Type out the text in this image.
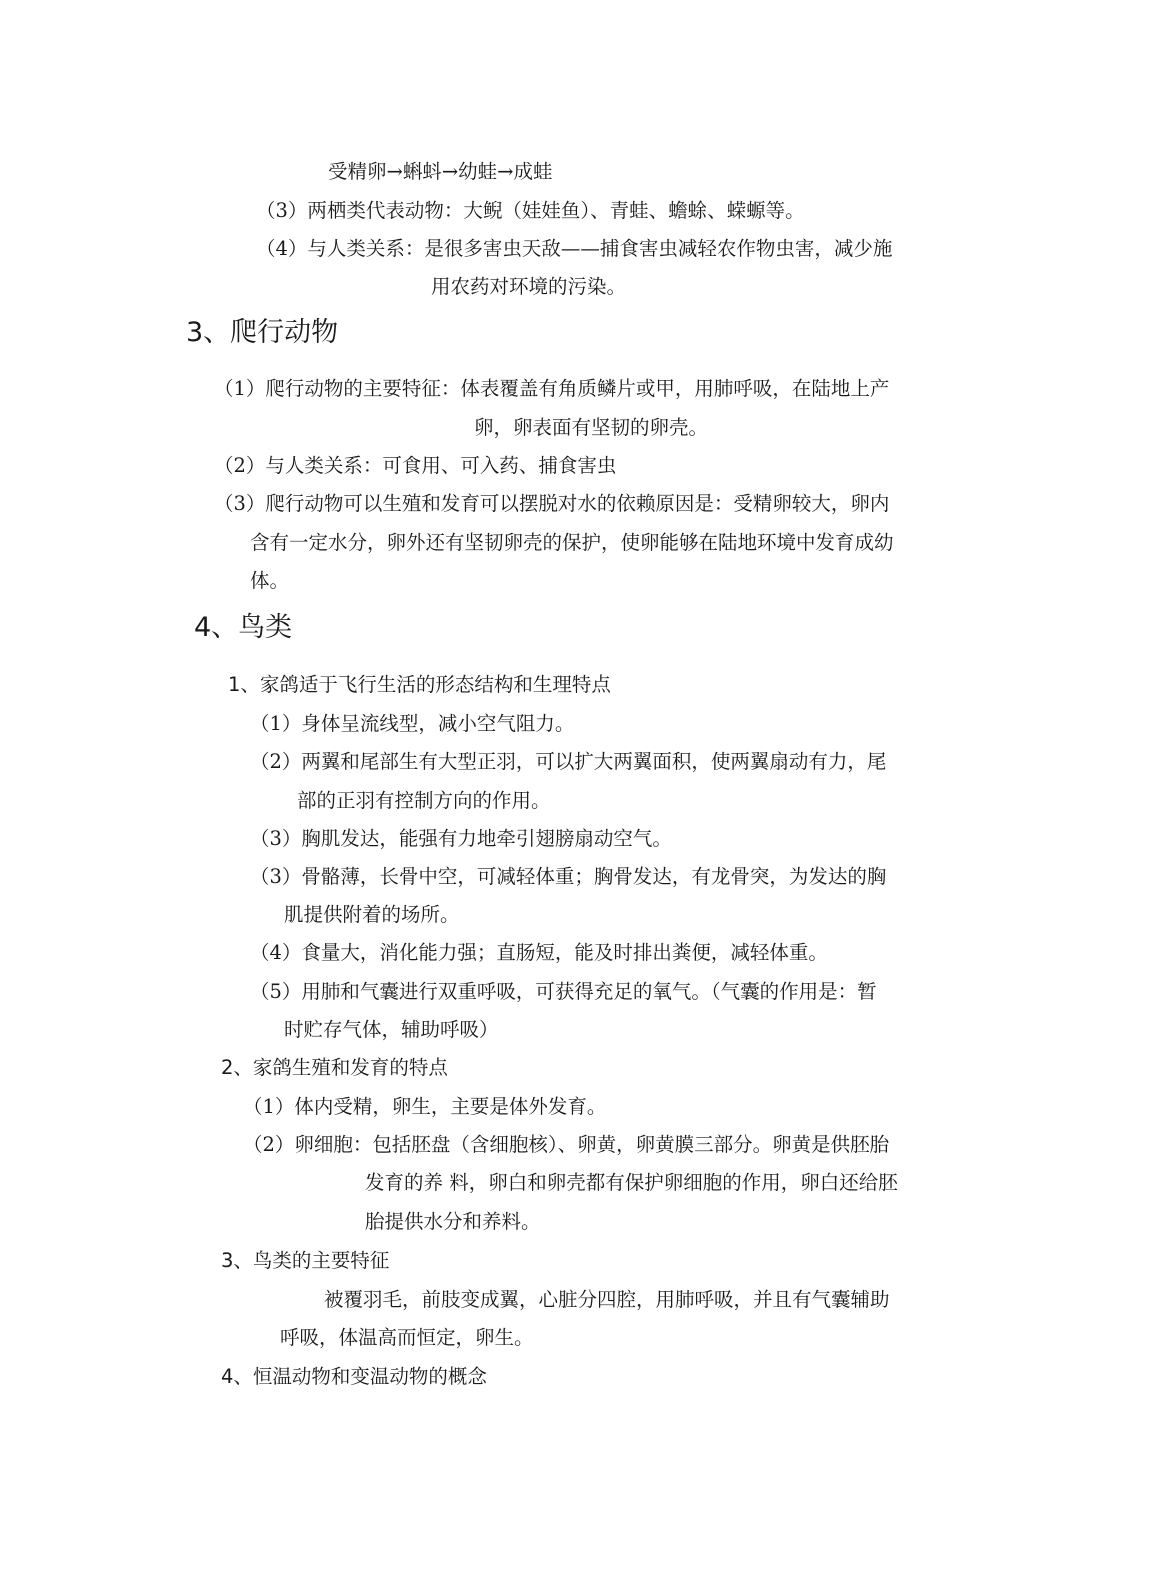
受精卵→蝌蚪→幼蛙→成蛙
（3）两栖类代表动物：大鲵（娃娃鱼）、青蛙、蟾蜍、蝾螈等。
（4）与人类关系：是很多害虫天敌——捕食害虫减轻农作物虫害，减少施
用农药对环境的污染。
3、爬行动物
（1）爬行动物的主要特征：体表覆盖有角质鳞片或甲，用肺呼吸，在陆地上产
卵，卵表面有坚韧的卵壳。
（2）与人类关系：可食用、可入药、捕食害虫
（3）爬行动物可以生殖和发育可以摆脱对水的依赖原因是：受精卵较大，卵内
含有一定水分，卵外还有坚韧卵壳的保护，使卵能够在陆地环境中发育成幼
体。
4、鸟类
1、家鸽适于飞行生活的形态结构和生理特点
（1）身体呈流线型，减小空气阻力。
（2）两翼和尾部生有大型正羽，可以扩大两翼面积，使两翼扇动有力，尾
部的正羽有控制方向的作用。
（3）胸肌发达，能强有力地牵引翅膀扇动空气。
（3）骨骼薄，长骨中空，可减轻体重；胸骨发达，有龙骨突，为发达的胸
肌提供附着的场所。
（4）食量大，消化能力强；直肠短，能及时排出粪便，减轻体重。
（5）用肺和气囊进行双重呼吸，可获得充足的氧气。（气囊的作用是：暂
时贮存气体，辅助呼吸）
2、家鸽生殖和发育的特点
（1）体内受精，卵生，主要是体外发育。
（2）卵细胞：包括胚盘（含细胞核）、卵黄，卵黄膜三部分。卵黄是供胚胎
发育的养 料，卵白和卵壳都有保护卵细胞的作用，卵白还给胚
胎提供水分和养料。
3、鸟类的主要特征
被覆羽毛，前肢变成翼，心脏分四腔，用肺呼吸，并且有气囊辅助
呼吸，体温高而恒定，卵生。
4、恒温动物和变温动物的概念
